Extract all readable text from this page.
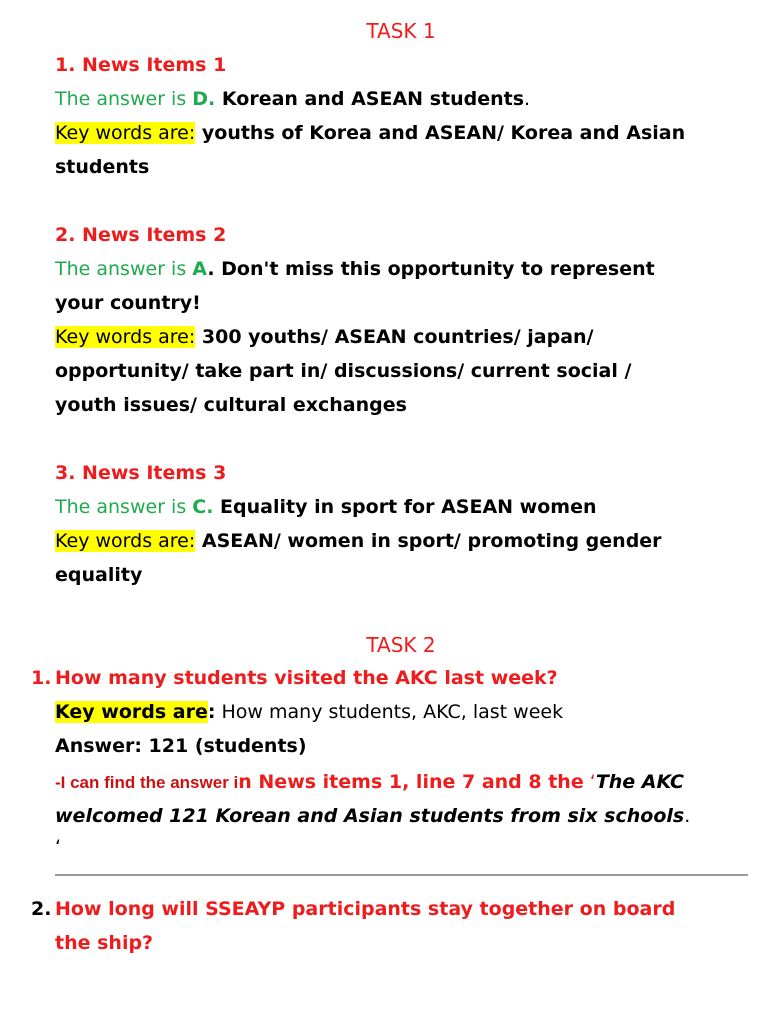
TASK 1
1. News Items 1
The answer is D. Korean and ASEAN students.
Key words are: youths of Korea and ASEAN/ Korea and Asian
students
2. News Items 2
The answer is A. Don't miss this opportunity to represent
your country!
Key words are: 300 youths/ ASEAN countries/ japan/
opportunity/ take part in/ discussions/ current social /
youth issues/ cultural exchanges
3. News Items 3
The answer is C. Equality in sport for ASEAN women
Key words are: ASEAN/ women in sport/ promoting gender
equality
TASK 2
1. How many students visited the AKC last week?
Key words are: How many students, AKC, last week
Answer: 121 (students)
-I can find the answer in News items 1, line 7 and 8 the ‘The AKC
welcomed 121 Korean and Asian students from six schools.
‘
2. How long will SSEAYP participants stay together on board
the ship?
